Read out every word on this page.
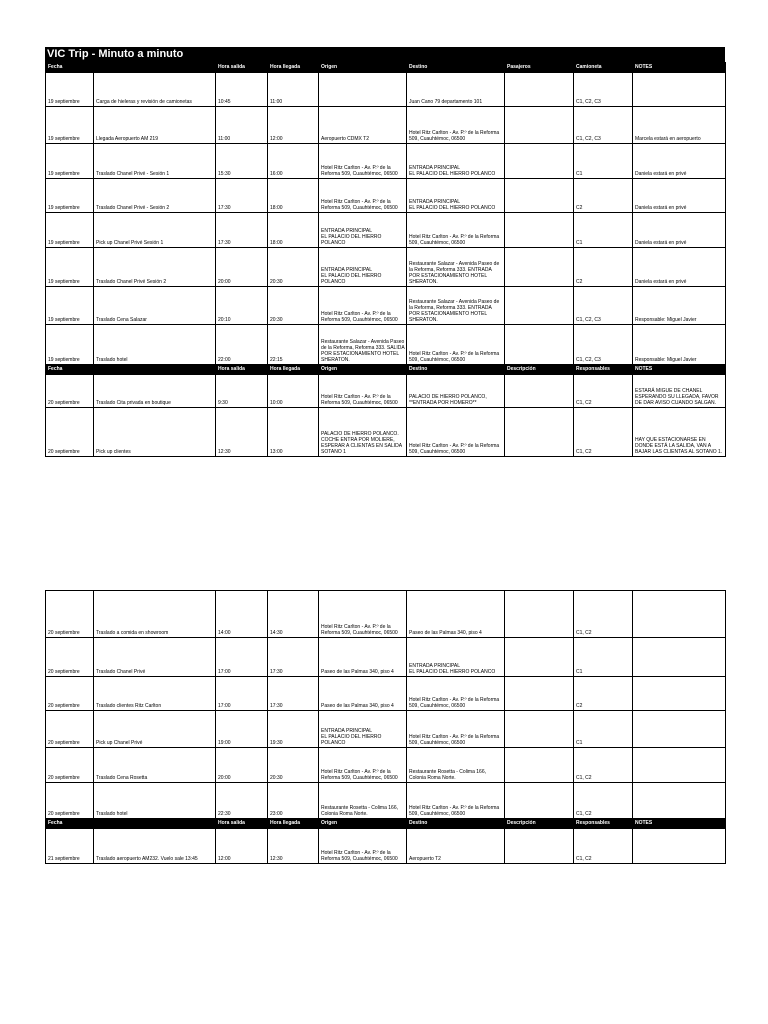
VIC Trip - Minuto a minuto
Fecha		Hora salida	Hora llegada	Origen	Destino	Pasajeros	Camioneta	NOTES
19 septiembre	Carga de hieleras y revisión de camionetas	10:45	11:00		Juan Cano 79 departamento 101		C1, C2, C3	
19 septiembre	Llegada Aeropuerto AM 219	11:00	12:00	Aeropuerto CDMX T2	Hotel Ritz Carlton - Av. P.º de la Reforma 509, Cuauhtémoc, 06500		C1, C2, C3	Marcela estará en aeropuerto
19 septiembre	Traslado Chanel Privé - Sesión 1	15:30	16:00	Hotel Ritz Carlton - Av. P.º de la Reforma 509, Cuauhtémoc, 06500	ENTRADA PRINCIPAL
EL PALACIO DEL HIERRO POLANCO		C1	Daniela estará en privé
19 septiembre	Traslado Chanel Privé - Sesión 2	17:30	18:00	Hotel Ritz Carlton - Av. P.º de la Reforma 509, Cuauhtémoc, 06500	ENTRADA PRINCIPAL
EL PALACIO DEL HIERRO POLANCO		C2	Daniela estará en privé
19 septiembre	Pick up Chanel Privé Sesión 1	17:30	18:00	ENTRADA PRINCIPAL
EL PALACIO DEL HIERRO POLANCO	Hotel Ritz Carlton - Av. P.º de la Reforma 509, Cuauhtémoc, 06500		C1	Daniela estará en privé
19 septiembre	Traslado Chanel Privé Sesión 2	20:00	20:30	ENTRADA PRINCIPAL
EL PALACIO DEL HIERRO POLANCO	Restaurante Salazar - Avenida Paseo de la Reforma, Reforma 333. ENTRADA POR ESTACIONAMIENTO HOTEL SHERATON.		C2	Daniela estará en privé
19 septiembre	Traslado Cena Salazar	20:10	20:30	Hotel Ritz Carlton - Av. P.º de la Reforma 509, Cuauhtémoc, 06500	Restaurante Salazar - Avenida Paseo de la Reforma, Reforma 333. ENTRADA POR ESTACIONAMIENTO HOTEL SHERATON.		C1, C2, C3	Responsable: Miguel Javier
19 septiembre	Traslado hotel	22:00	22:15	Restaurante Salazar - Avenida Paseo de la Reforma, Reforma 333. SALIDA POR ESTACIONAMIENTO HOTEL SHERATON.	Hotel Ritz Carlton - Av. P.º de la Reforma 509, Cuauhtémoc, 06500		C1, C2, C3	Responsable: Miguel Javier
Fecha		Hora salida	Hora llegada	Origen	Destino	Descripción	Responsables	NOTES
20 septiembre	Traslado Cita privada en boutique	9:30	10:00	Hotel Ritz Carlton - Av. P.º de la Reforma 509, Cuauhtémoc, 06500	PALACIO DE HIERRO POLANCO, **ENTRADA POR HOMERO**		C1, C2	ESTARÁ MIGUE DE CHANEL ESPERANDO SU LLEGADA, FAVOR DE DAR AVISO CUANDO SALGAN.
20 septiembre	Pick up clientes	12:30	13:00	PALACIO DE HIERRO POLANCO. COCHE ENTRA POR MOLIERE, ESPERAR A CLIENTAS EN SALIDA SOTANO 1	Hotel Ritz Carlton - Av. P.º de la Reforma 509, Cuauhtémoc, 06500		C1, C2	HAY QUE ESTACIONARSE EN DONDE ESTÁ LA SALIDA, VAN A BAJAR LAS CLIENTAS AL SOTANO 1.
20 septiembre	Traslado a comida en showroom	14:00	14:30	Hotel Ritz Carlton - Av. P.º de la Reforma 509, Cuauhtémoc, 06500	Paseo de las Palmas 340, piso 4		C1, C2	
20 septiembre	Traslado Chanel Privé	17:00	17:30	Paseo de las Palmas 340, piso 4	ENTRADA PRINCIPAL
EL PALACIO DEL HIERRO POLANCO		C1	
20 septiembre	Traslado clientes Ritz Carlton	17:00	17:30	Paseo de las Palmas 340, piso 4	Hotel Ritz Carlton - Av. P.º de la Reforma 509, Cuauhtémoc, 06500		C2	
20 septiembre	Pick up Chanel Privé	19:00	19:30	ENTRADA PRINCIPAL
EL PALACIO DEL HIERRO POLANCO	Hotel Ritz Carlton - Av. P.º de la Reforma 509, Cuauhtémoc, 06500		C1	
20 septiembre	Traslado Cena Rosetta	20:00	20:30	Hotel Ritz Carlton - Av. P.º de la Reforma 509, Cuauhtémoc, 06500	Restaurante Rosetta - Colima 166, Colonia Roma Norte.		C1, C2	
20 septiembre	Traslado hotel	22:30	23:00	Restaurante Rosetta - Colima 166, Colonia Roma Norte.	Hotel Ritz Carlton - Av. P.º de la Reforma 509, Cuauhtémoc, 06500		C1, C2	
Fecha		Hora salida	Hora llegada	Origen	Destino	Descripción	Responsables	NOTES
21 septiembre	Traslado aeropuerto AM232. Vuelo sale 13:45	12:00	12:30	Hotel Ritz Carlton - Av. P.º de la Reforma 509, Cuauhtémoc, 06500	Aeropuerto T2		C1, C2	
